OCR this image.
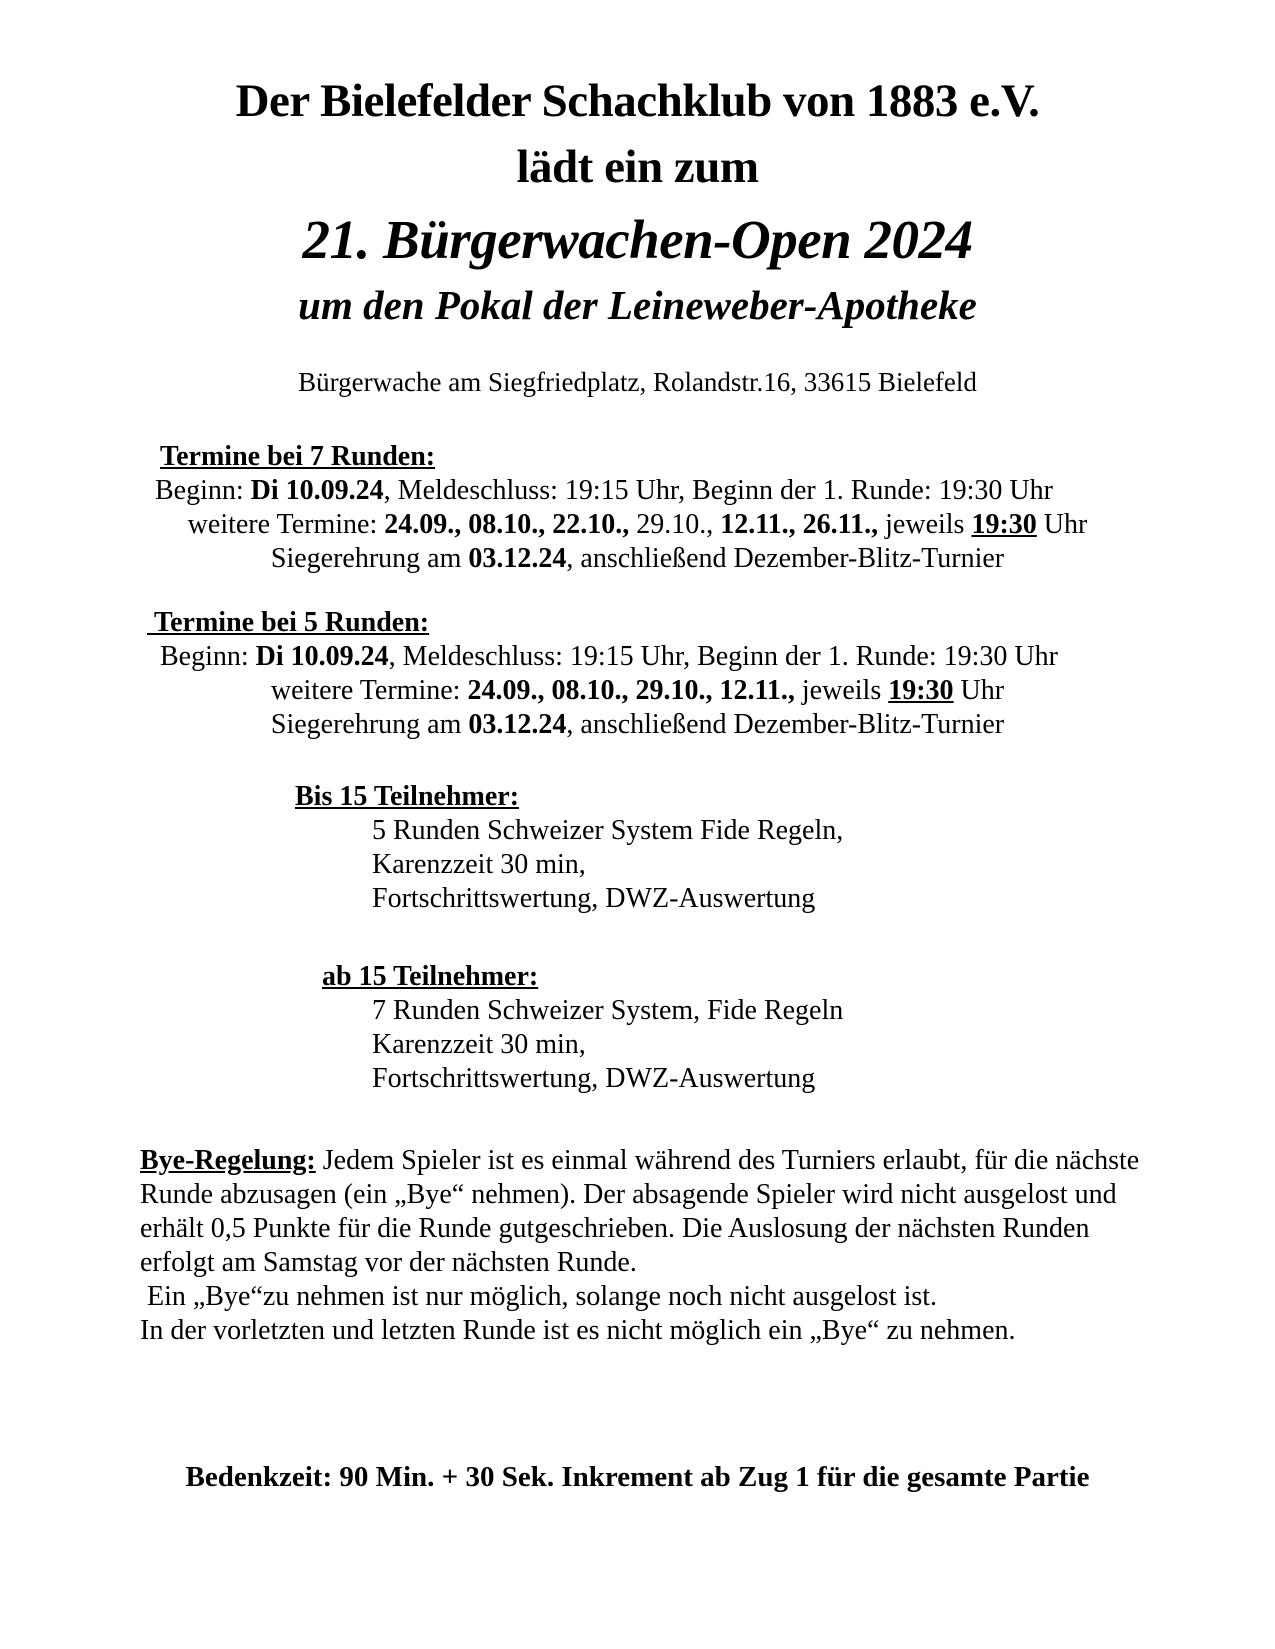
Der Bielefelder Schachklub von 1883 e.V.
lädt ein zum
21. Bürgerwachen-Open 2024
um den Pokal der Leineweber-Apotheke
Bürgerwache am Siegfriedplatz, Rolandstr.16, 33615 Bielefeld
Termine bei 7 Runden:
Beginn: Di 10.09.24, Meldeschluss: 19:15 Uhr, Beginn der 1. Runde: 19:30 Uhr
weitere Termine: 24.09., 08.10., 22.10., 29.10., 12.11., 26.11., jeweils 19:30 Uhr
Siegerehrung am 03.12.24, anschließend Dezember-Blitz-Turnier
Termine bei 5 Runden:
Beginn: Di 10.09.24, Meldeschluss: 19:15 Uhr, Beginn der 1. Runde: 19:30 Uhr
weitere Termine: 24.09., 08.10., 29.10., 12.11., jeweils 19:30 Uhr
Siegerehrung am 03.12.24, anschließend Dezember-Blitz-Turnier
Bis 15 Teilnehmer:
5 Runden Schweizer System Fide Regeln,
Karenzzeit 30 min,
Fortschrittswertung, DWZ-Auswertung
ab 15 Teilnehmer:
7 Runden Schweizer System, Fide Regeln
Karenzzeit 30 min,
Fortschrittswertung, DWZ-Auswertung
Bye-Regelung: Jedem Spieler ist es einmal während des Turniers erlaubt, für die nächste Runde abzusagen (ein „Bye“ nehmen). Der absagende Spieler wird nicht ausgelost und erhält 0,5 Punkte für die Runde gutgeschrieben. Die Auslosung der nächsten Runden erfolgt am Samstag vor der nächsten Runde.
Ein „Bye“zu nehmen ist nur möglich, solange noch nicht ausgelost ist.
In der vorletzten und letzten Runde ist es nicht möglich ein „Bye“ zu nehmen.
Bedenkzeit: 90 Min. + 30 Sek. Inkrement ab Zug 1 für die gesamte Partie
